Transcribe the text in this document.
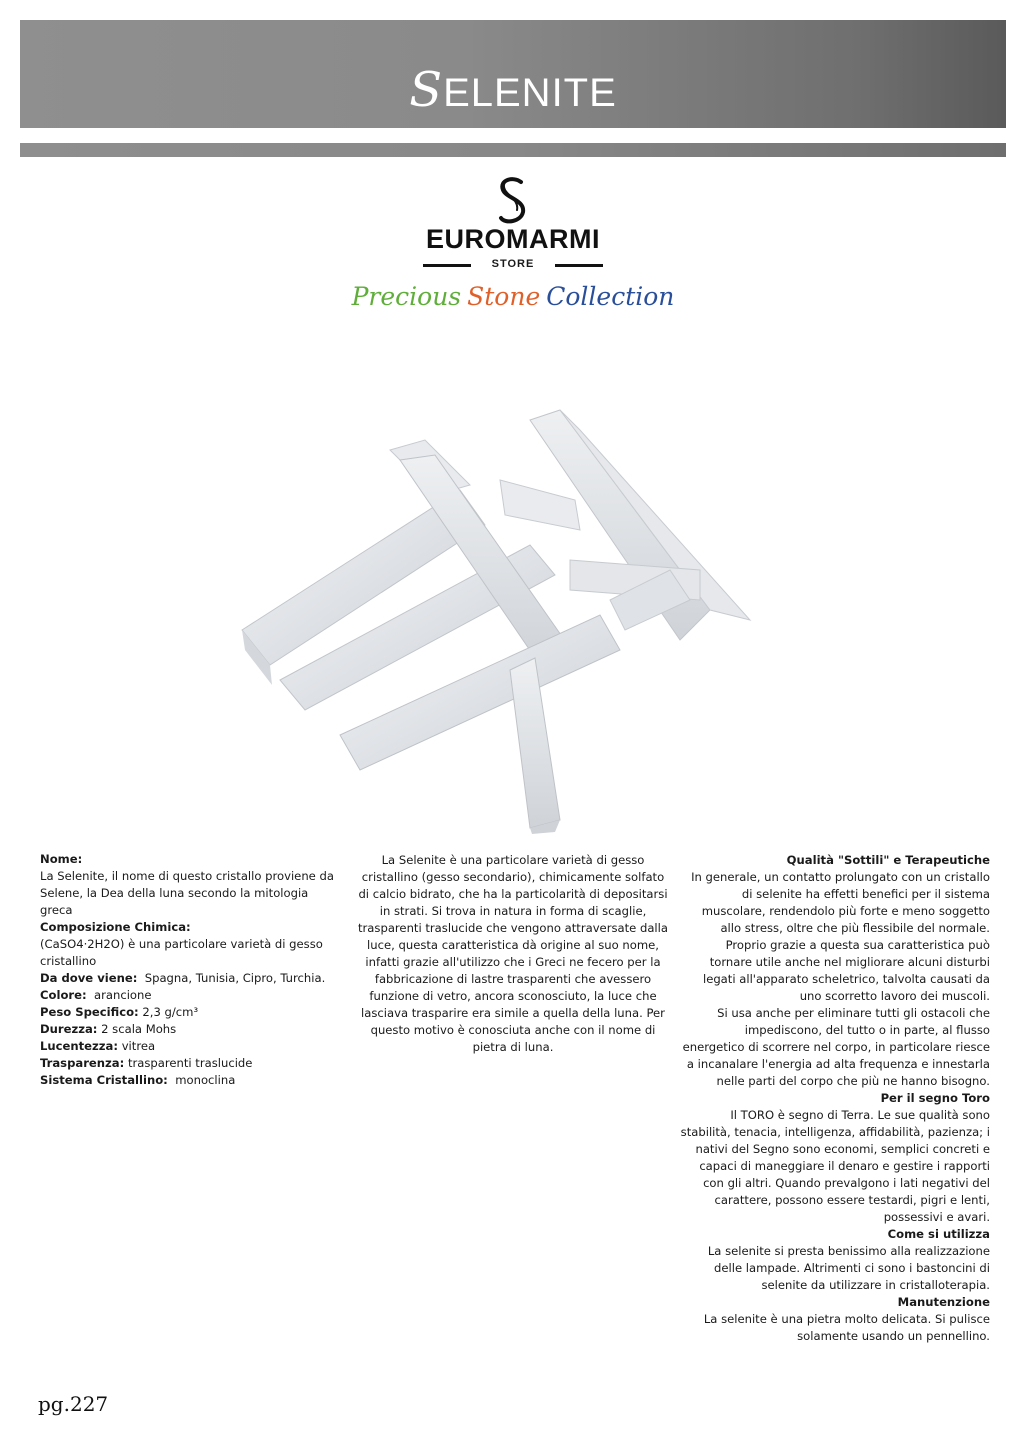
SELENITE
EUROMARMI
STORE
Precious Stone Collection

Nome:

La Selenite, il nome di questo cristallo proviene da Selene, la Dea della luna secondo la mitologia greca

Composizione Chimica:

(CaSO4·2H2O) è una particolare varietà di gesso cristallino

Da dove viene: Spagna, Tunisia, Cipro, Turchia.

Colore: arancione

Peso Specifico: 2,3 g/cm³

Durezza: 2 scala Mohs

Lucentezza: vitrea

Trasparenza: trasparenti traslucide

Sistema Cristallino: monoclina

La Selenite è una particolare varietà di gesso cristallino (gesso secondario), chimicamente solfato di calcio bidrato, che ha la particolarità di depositarsi in strati. Si trova in natura in forma di scaglie, trasparenti traslucide che vengono attraversate dalla luce, questa caratteristica dà origine al suo nome, infatti grazie all'utilizzo che i Greci ne fecero per la fabbricazione di lastre trasparenti che avessero funzione di vetro, ancora sconosciuto, la luce che lasciava trasparire era simile a quella della luna. Per questo motivo è conosciuta anche con il nome di pietra di luna.

Qualità "Sottili" e Terapeutiche

In generale, un contatto prolungato con un cristallo di selenite ha effetti benefici per il sistema muscolare, rendendolo più forte e meno soggetto allo stress, oltre che più flessibile del normale. Proprio grazie a questa sua caratteristica può tornare utile anche nel migliorare alcuni disturbi legati all'apparato scheletrico, talvolta causati da uno scorretto lavoro dei muscoli.

Si usa anche per eliminare tutti gli ostacoli che impediscono, del tutto o in parte, al flusso energetico di scorrere nel corpo, in particolare riesce a incanalare l'energia ad alta frequenza e innestarla nelle parti del corpo che più ne hanno bisogno.

Per il segno Toro

Il TORO è segno di Terra. Le sue qualità sono stabilità, tenacia, intelligenza, affidabilità, pazienza; i nativi del Segno sono economi, semplici concreti e capaci di maneggiare il denaro e gestire i rapporti con gli altri. Quando prevalgono i lati negativi del carattere, possono essere testardi, pigri e lenti, possessivi e avari.

Come si utilizza

La selenite si presta benissimo alla realizzazione delle lampade. Altrimenti ci sono i bastoncini di selenite da utilizzare in cristalloterapia.

Manutenzione

La selenite è una pietra molto delicata. Si pulisce solamente usando un pennellino.

pg.227
